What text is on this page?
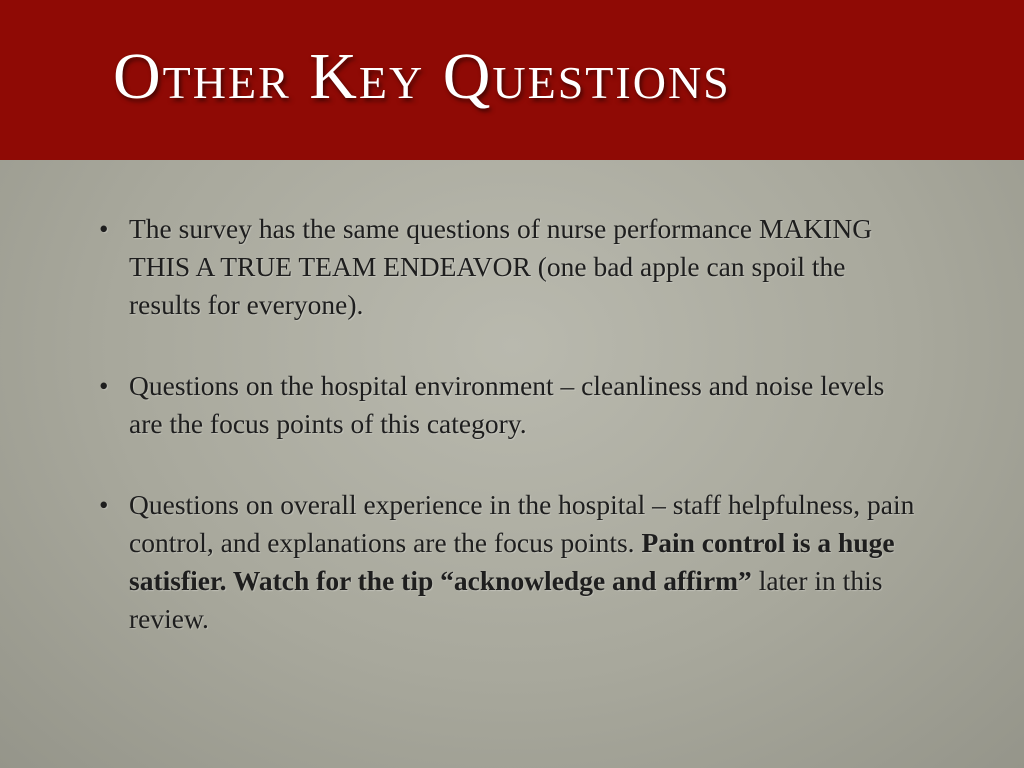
Other Key Questions
• The survey has the same questions of nurse performance MAKING THIS A TRUE TEAM ENDEAVOR (one bad apple can spoil the results for everyone).
• Questions on the hospital environment – cleanliness and noise levels are the focus points of this category.
• Questions on overall experience in the hospital – staff helpfulness, pain control, and explanations are the focus points. Pain control is a huge satisfier. Watch for the tip “acknowledge and affirm” later in this review.
